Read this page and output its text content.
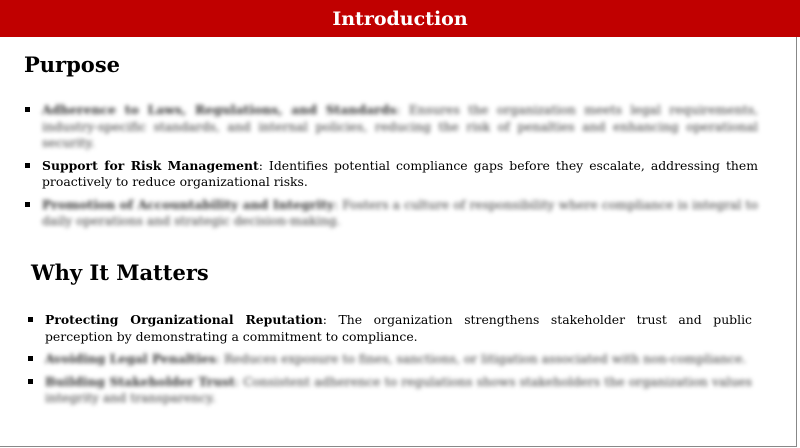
Introduction
Purpose
Adherence to Laws, Regulations, and Standards: Ensures the organization meets legal requirements, industry-specific standards, and internal policies, reducing the risk of penalties and enhancing operational security.
Support for Risk Management: Identifies potential compliance gaps before they escalate, addressing them proactively to reduce organizational risks.
Promotion of Accountability and Integrity: Fosters a culture of responsibility where compliance is integral to daily operations and strategic decision-making.
Why It Matters
Protecting Organizational Reputation: The organization strengthens stakeholder trust and public perception by demonstrating a commitment to compliance.
Avoiding Legal Penalties: Reduces exposure to fines, sanctions, or litigation associated with non-compliance.
Building Stakeholder Trust: Consistent adherence to regulations shows stakeholders the organization values integrity and transparency.
